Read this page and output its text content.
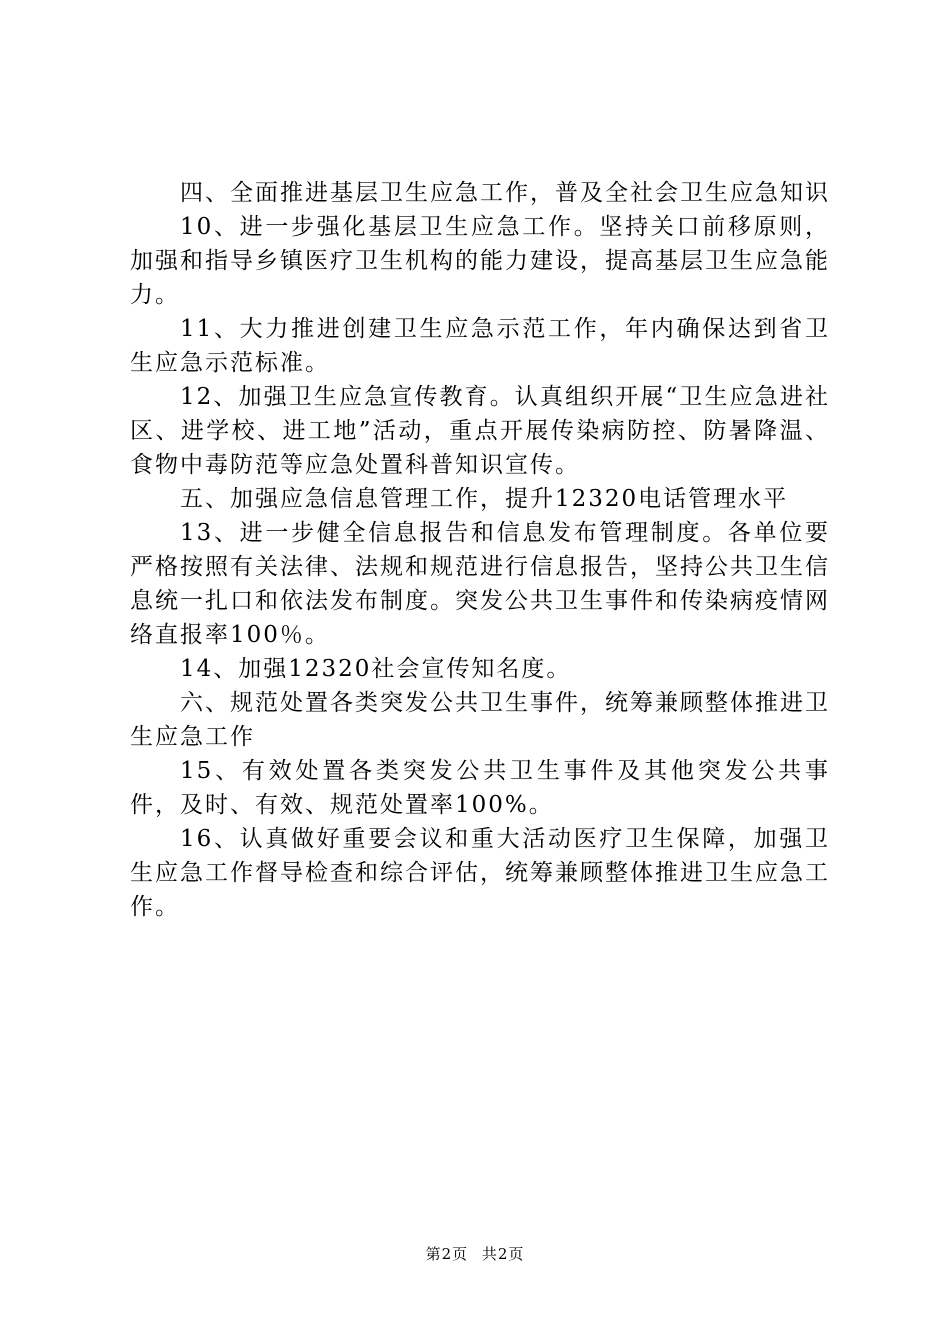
四、全面推进基层卫生应急工作，普及全社会卫生应急知识

10、进一步强化基层卫生应急工作。坚持关口前移原则，加强和指导乡镇医疗卫生机构的能力建设，提高基层卫生应急能力。

11、大力推进创建卫生应急示范工作，年内确保达到省卫生应急示范标准。

12、加强卫生应急宣传教育。认真组织开展“卫生应急进社区、进学校、进工地”活动，重点开展传染病防控、防暑降温、食物中毒防范等应急处置科普知识宣传。

五、加强应急信息管理工作，提升12320电话管理水平

13、进一步健全信息报告和信息发布管理制度。各单位要严格按照有关法律、法规和规范进行信息报告，坚持公共卫生信息统一扎口和依法发布制度。突发公共卫生事件和传染病疫情网络直报率100％。

14、加强12320社会宣传知名度。

六、规范处置各类突发公共卫生事件，统筹兼顾整体推进卫生应急工作

15、有效处置各类突发公共卫生事件及其他突发公共事件，及时、有效、规范处置率100%。

16、认真做好重要会议和重大活动医疗卫生保障，加强卫生应急工作督导检查和综合评估，统筹兼顾整体推进卫生应急工作。

第2页 共2页
